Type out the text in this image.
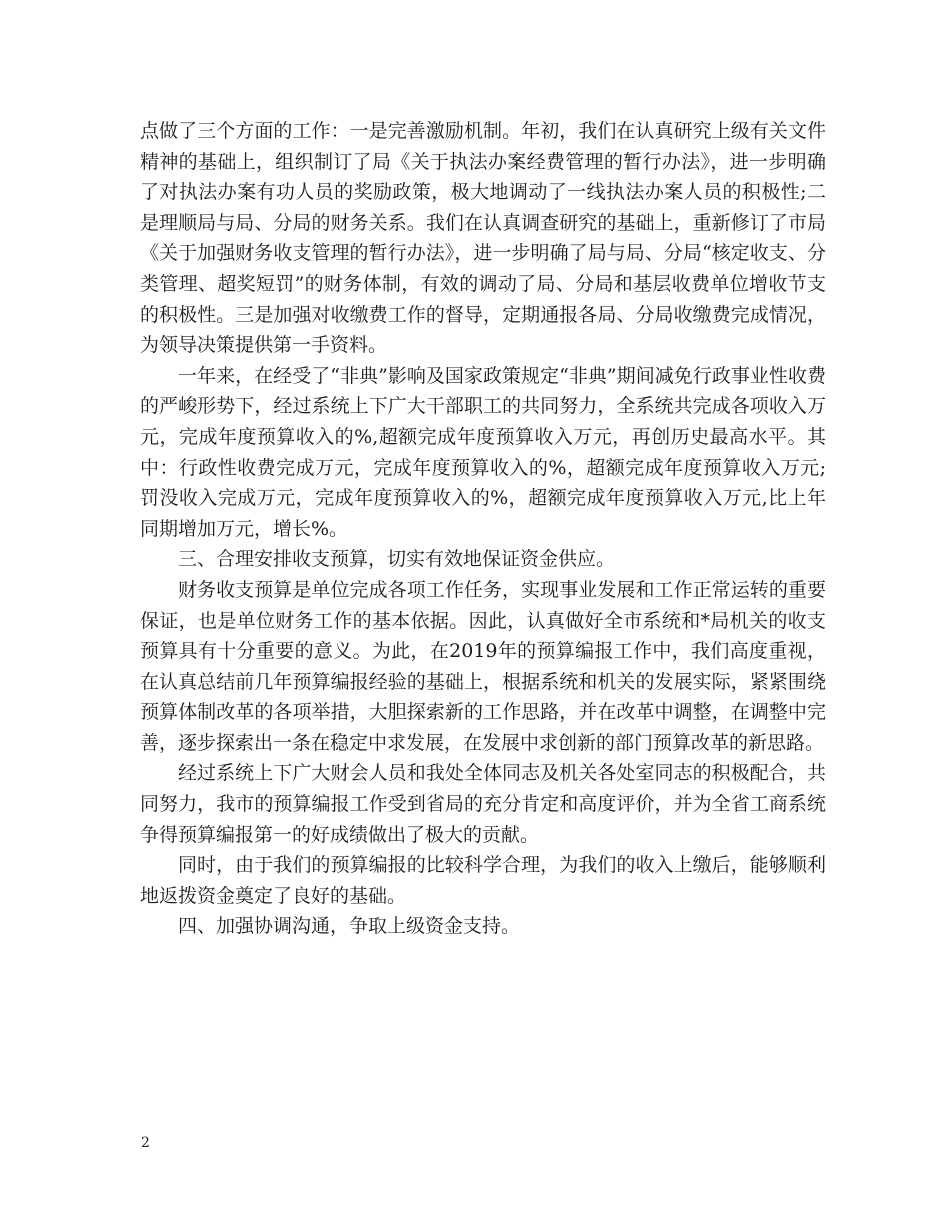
点做了三个方面的工作：一是完善激励机制。年初，我们在认真研究上级有关文件精神的基础上，组织制订了局《关于执法办案经费管理的暂行办法》，进一步明确了对执法办案有功人员的奖励政策，极大地调动了一线执法办案人员的积极性;二是理顺局与局、分局的财务关系。我们在认真调查研究的基础上，重新修订了市局《关于加强财务收支管理的暂行办法》，进一步明确了局与局、分局“核定收支、分类管理、超奖短罚”的财务体制，有效的调动了局、分局和基层收费单位增收节支的积极性。三是加强对收缴费工作的督导，定期通报各局、分局收缴费完成情况，为领导决策提供第一手资料。

一年来，在经受了“非典”影响及国家政策规定“非典”期间减免行政事业性收费的严峻形势下，经过系统上下广大干部职工的共同努力，全系统共完成各项收入万元，完成年度预算收入的%,超额完成年度预算收入万元，再创历史最高水平。其中：行政性收费完成万元，完成年度预算收入的%，超额完成年度预算收入万元;罚没收入完成万元，完成年度预算收入的%，超额完成年度预算收入万元,比上年同期增加万元，增长%。

三、合理安排收支预算，切实有效地保证资金供应。

财务收支预算是单位完成各项工作任务，实现事业发展和工作正常运转的重要保证，也是单位财务工作的基本依据。因此，认真做好全市系统和*局机关的收支预算具有十分重要的意义。为此，在2019年的预算编报工作中，我们高度重视，在认真总结前几年预算编报经验的基础上，根据系统和机关的发展实际，紧紧围绕预算体制改革的各项举措，大胆探索新的工作思路，并在改革中调整，在调整中完善，逐步探索出一条在稳定中求发展，在发展中求创新的部门预算改革的新思路。

经过系统上下广大财会人员和我处全体同志及机关各处室同志的积极配合，共同努力，我市的预算编报工作受到省局的充分肯定和高度评价，并为全省工商系统争得预算编报第一的好成绩做出了极大的贡献。

同时，由于我们的预算编报的比较科学合理，为我们的收入上缴后，能够顺利地返拨资金奠定了良好的基础。

四、加强协调沟通，争取上级资金支持。

2
